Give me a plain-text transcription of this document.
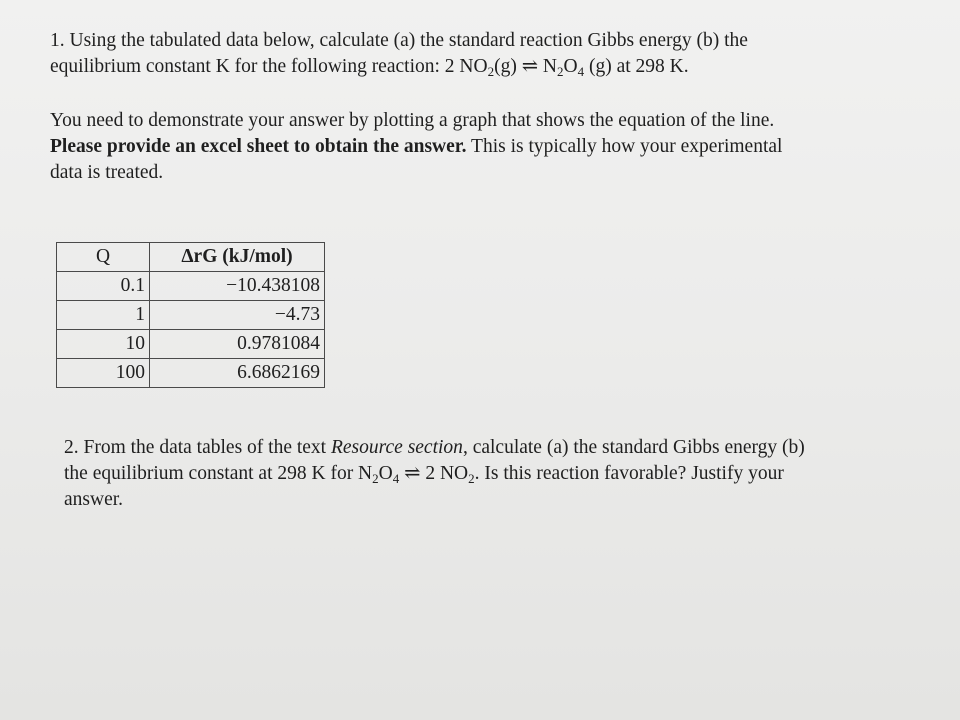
1. Using the tabulated data below, calculate (a) the standard reaction Gibbs energy (b) the
equilibrium constant K for the following reaction: 2 $NO_2(g)$ ⇌ $N_2O_4$ (g) at 298 K.
You need to demonstrate your answer by plotting a graph that shows the equation of the line.
Please provide an excel sheet to obtain the answer. This is typically how your experimental
data is treated.
Q	ΔrG (kJ/mol)
0.1	−10.438108
1	−4.73
10	0.9781084
100	6.6862169
2. From the data tables of the text Resource section, calculate (a) the standard Gibbs energy (b)
the equilibrium constant at 298 K for $N_2O_4$ ⇌ 2 $NO_2$. Is this reaction favorable? Justify your
answer.
